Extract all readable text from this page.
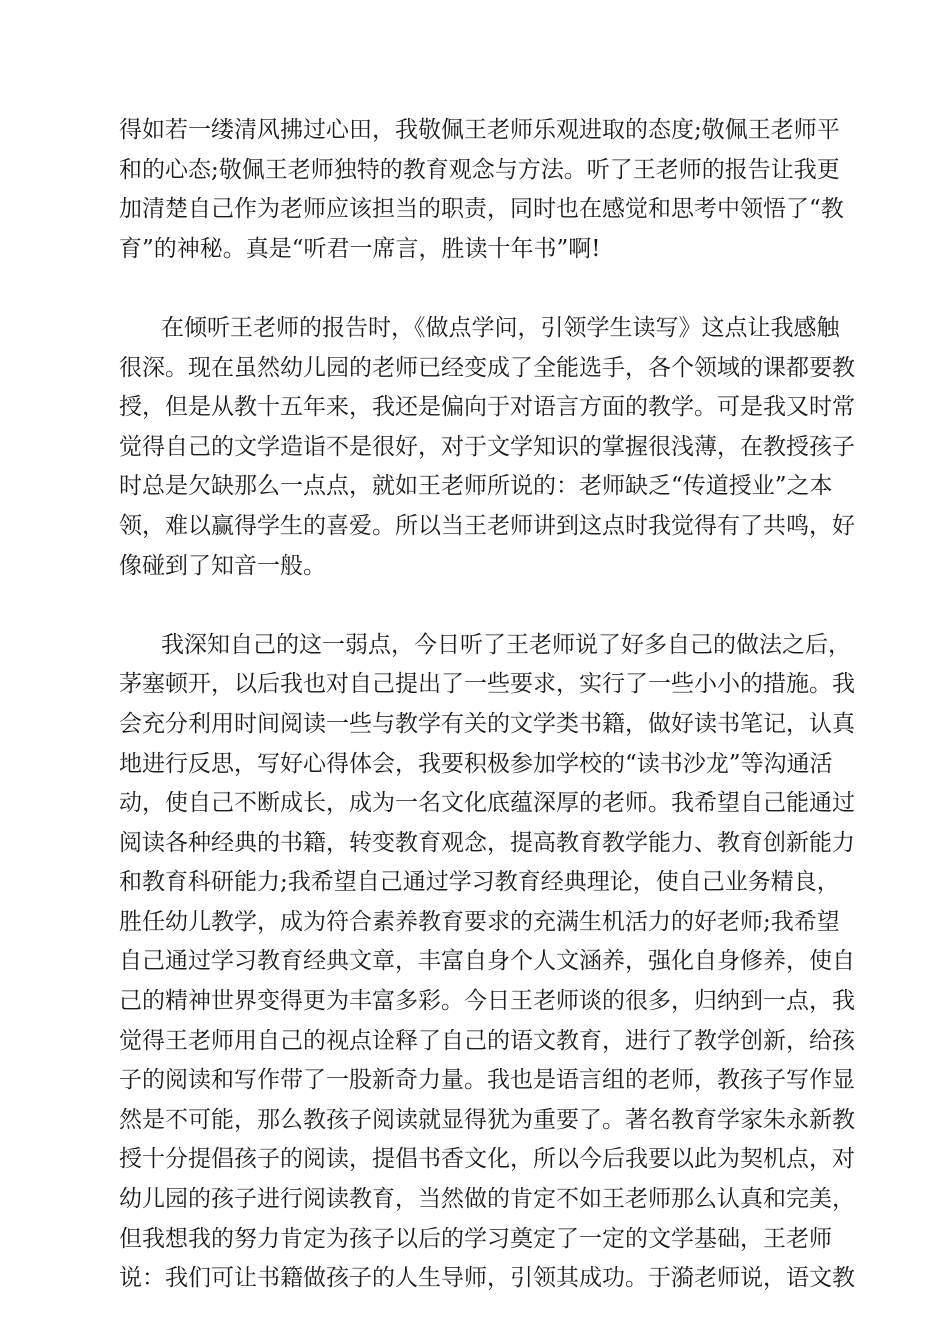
得如若一缕清风拂过心田，我敬佩王老师乐观进取的态度;敬佩王老师平
和的心态;敬佩王老师独特的教育观念与方法。听了王老师的报告让我更
加清楚自己作为老师应该担当的职责，同时也在感觉和思考中领悟了“教
育”的神秘。真是“听君一席言，胜读十年书”啊!
在倾听王老师的报告时，《做点学问，引领学生读写》这点让我感触
很深。现在虽然幼儿园的老师已经变成了全能选手，各个领域的课都要教
授，但是从教十五年来，我还是偏向于对语言方面的教学。可是我又时常
觉得自己的文学造诣不是很好，对于文学知识的掌握很浅薄，在教授孩子
时总是欠缺那么一点点，就如王老师所说的：老师缺乏“传道授业”之本
领，难以赢得学生的喜爱。所以当王老师讲到这点时我觉得有了共鸣，好
像碰到了知音一般。
我深知自己的这一弱点，今日听了王老师说了好多自己的做法之后，
茅塞顿开，以后我也对自己提出了一些要求，实行了一些小小的措施。我
会充分利用时间阅读一些与教学有关的文学类书籍，做好读书笔记，认真
地进行反思，写好心得体会，我要积极参加学校的“读书沙龙”等沟通活
动，使自己不断成长，成为一名文化底蕴深厚的老师。我希望自己能通过
阅读各种经典的书籍，转变教育观念，提高教育教学能力、教育创新能力
和教育科研能力;我希望自己通过学习教育经典理论，使自己业务精良，
胜任幼儿教学，成为符合素养教育要求的充满生机活力的好老师;我希望
自己通过学习教育经典文章，丰富自身个人文涵养，强化自身修养，使自
己的精神世界变得更为丰富多彩。今日王老师谈的很多，归纳到一点，我
觉得王老师用自己的视点诠释了自己的语文教育，进行了教学创新，给孩
子的阅读和写作带了一股新奇力量。我也是语言组的老师，教孩子写作显
然是不可能，那么教孩子阅读就显得犹为重要了。著名教育学家朱永新教
授十分提倡孩子的阅读，提倡书香文化，所以今后我要以此为契机点，对
幼儿园的孩子进行阅读教育，当然做的肯定不如王老师那么认真和完美，
但我想我的努力肯定为孩子以后的学习奠定了一定的文学基础，王老师
说：我们可让书籍做孩子的人生导师，引领其成功。于漪老师说，语文教
